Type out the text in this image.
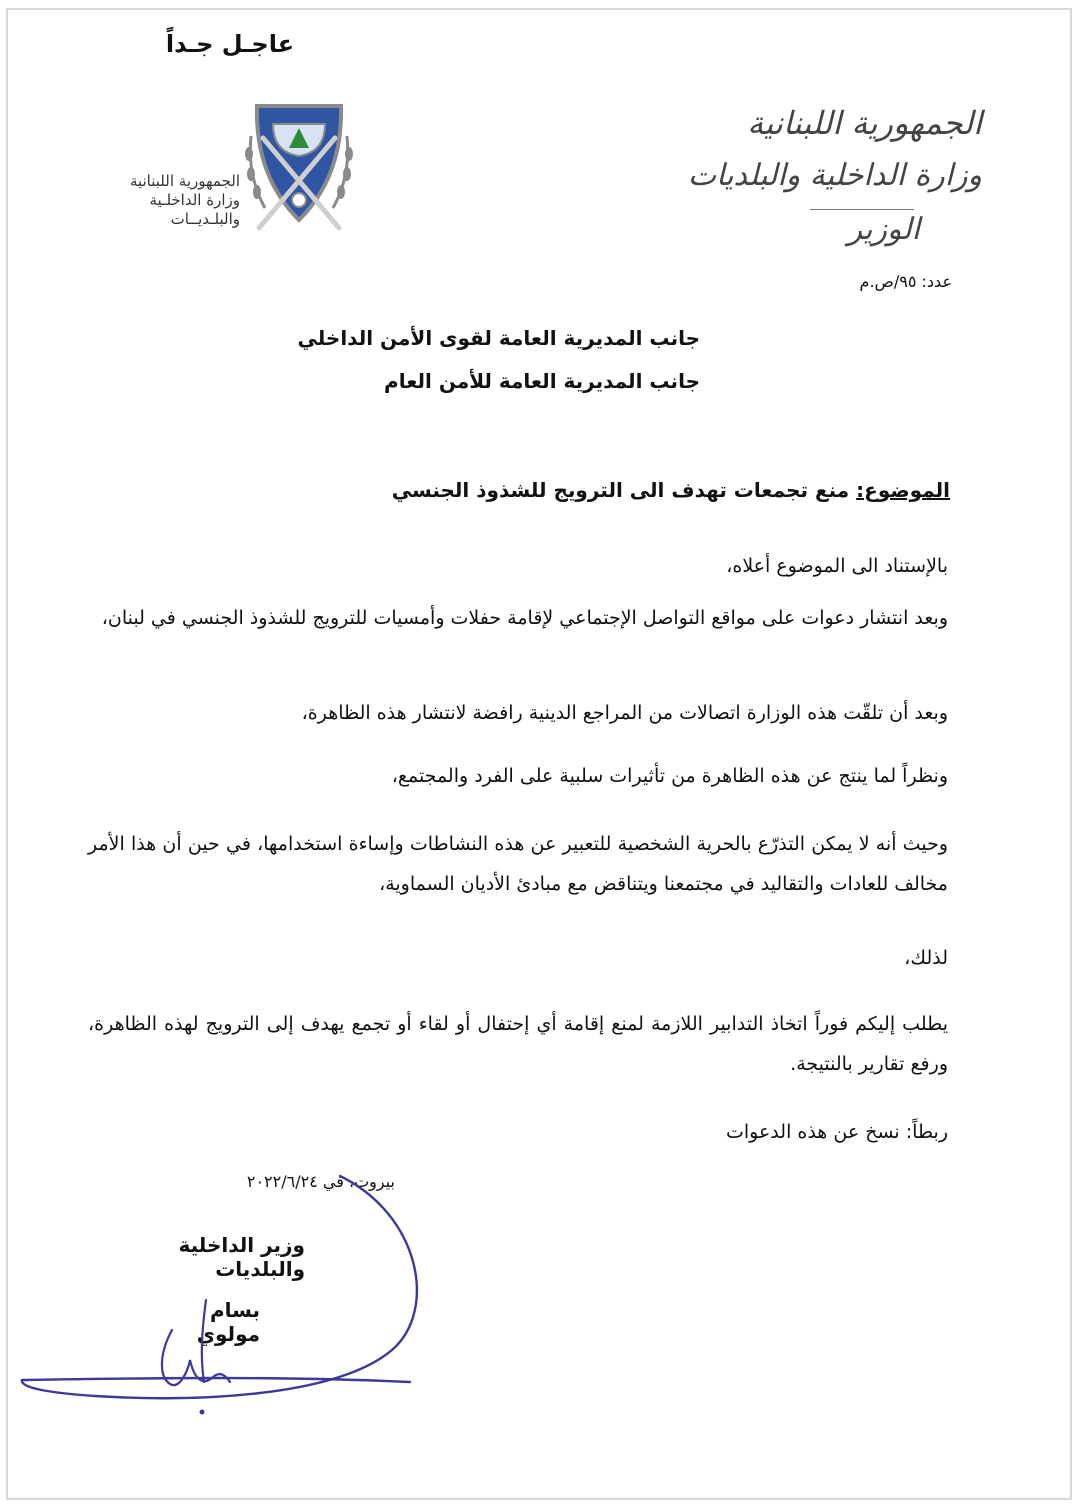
عاجـل جـداً
الجمهورية اللبنانية
وزارة الداخلـية
والبلـديــات
الجمهورية اللبنانية
وزارة الداخلية والبلديات
الوزير
عدد: ٩٥/ص.م
جانب المديرية العامة لقوى الأمن الداخلي
جانب المديرية العامة للأمن العام
الموضوع: منع تجمعات تهدف الى الترويج للشذوذ الجنسي
بالإستناد الى الموضوع أعلاه،
وبعد انتشار دعوات على مواقع التواصل الإجتماعي لإقامة حفلات وأمسيات للترويج للشذوذ الجنسي في لبنان،
وبعد أن تلقّت هذه الوزارة اتصالات من المراجع الدينية رافضة لانتشار هذه الظاهرة،
ونظراً لما ينتج عن هذه الظاهرة من تأثيرات سلبية على الفرد والمجتمع،
وحيث أنه لا يمكن التذرّع بالحرية الشخصية للتعبير عن هذه النشاطات وإساءة استخدامها، في حين أن هذا الأمر مخالف للعادات والتقاليد في مجتمعنا ويتناقض مع مبادئ الأديان السماوية،
لذلك،
يطلب إليكم فوراً اتخاذ التدابير اللازمة لمنع إقامة أي إحتفال أو لقاء أو تجمع يهدف إلى الترويج لهذه الظاهرة، ورفع تقارير بالنتيجة.
ربطاً: نسخ عن هذه الدعوات
بيروت، في ٢٠٢٢/٦/٢٤
وزير الداخلية والبلديات
بسام مولوي
